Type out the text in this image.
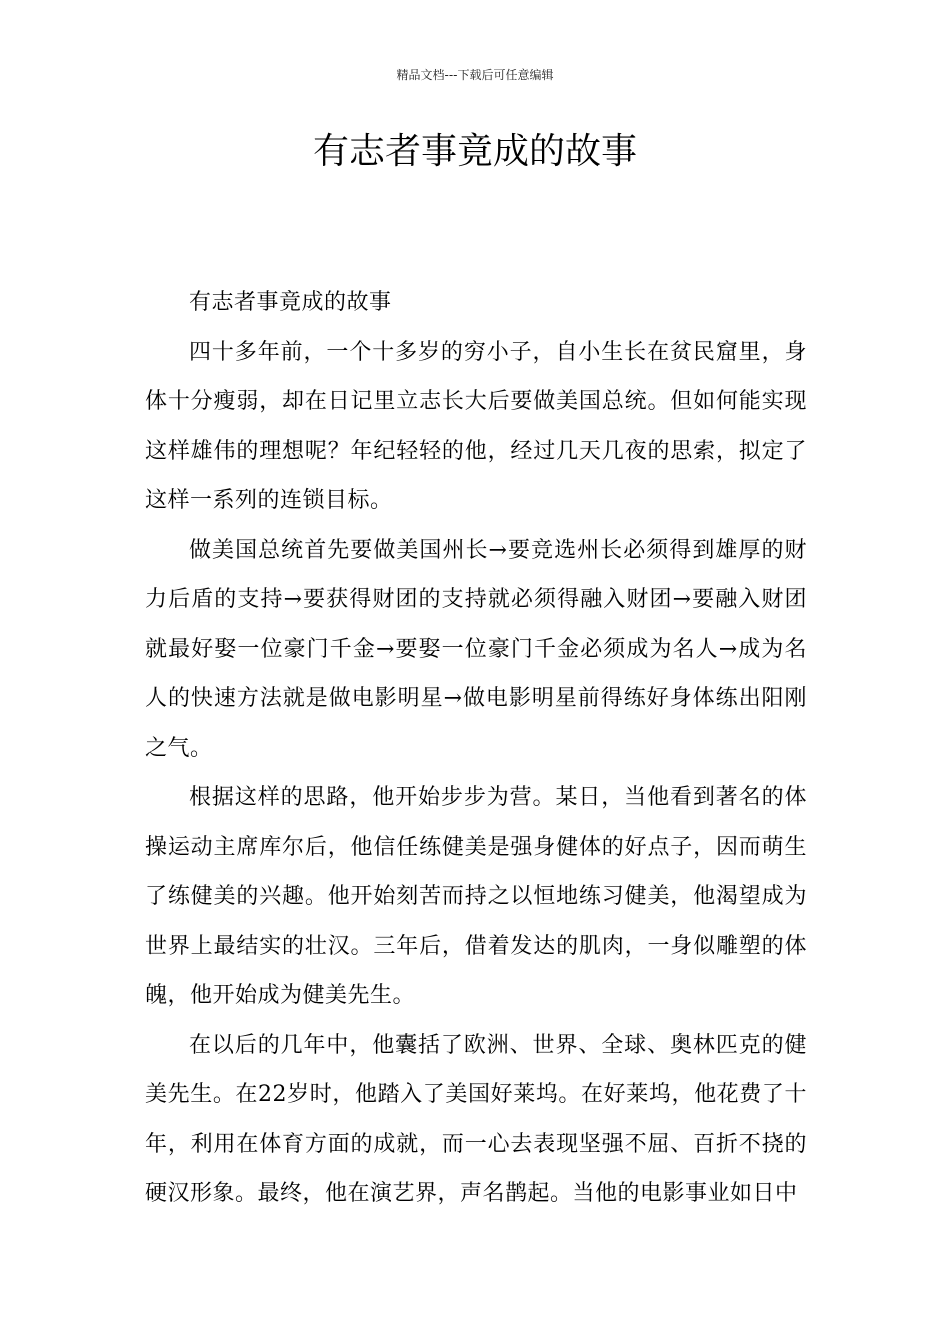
精品文档---下载后可任意编辑
有志者事竟成的故事

有志者事竟成的故事

四十多年前，一个十多岁的穷小子，自小生长在贫民窟里，身体十分瘦弱，却在日记里立志长大后要做美国总统。但如何能实现这样雄伟的理想呢？年纪轻轻的他，经过几天几夜的思索，拟定了这样一系列的连锁目标。

做美国总统首先要做美国州长→要竞选州长必须得到雄厚的财力后盾的支持→要获得财团的支持就必须得融入财团→要融入财团就最好娶一位豪门千金→要娶一位豪门千金必须成为名人→成为名人的快速方法就是做电影明星→做电影明星前得练好身体练出阳刚之气。

根据这样的思路，他开始步步为营。某日，当他看到著名的体操运动主席库尔后，他信任练健美是强身健体的好点子，因而萌生了练健美的兴趣。他开始刻苦而持之以恒地练习健美，他渴望成为世界上最结实的壮汉。三年后，借着发达的肌肉，一身似雕塑的体魄，他开始成为健美先生。

在以后的几年中，他囊括了欧洲、世界、全球、奥林匹克的健美先生。在22岁时，他踏入了美国好莱坞。在好莱坞，他花费了十年，利用在体育方面的成就，而一心去表现坚强不屈、百折不挠的硬汉形象。最终，他在演艺界，声名鹊起。当他的电影事业如日中
